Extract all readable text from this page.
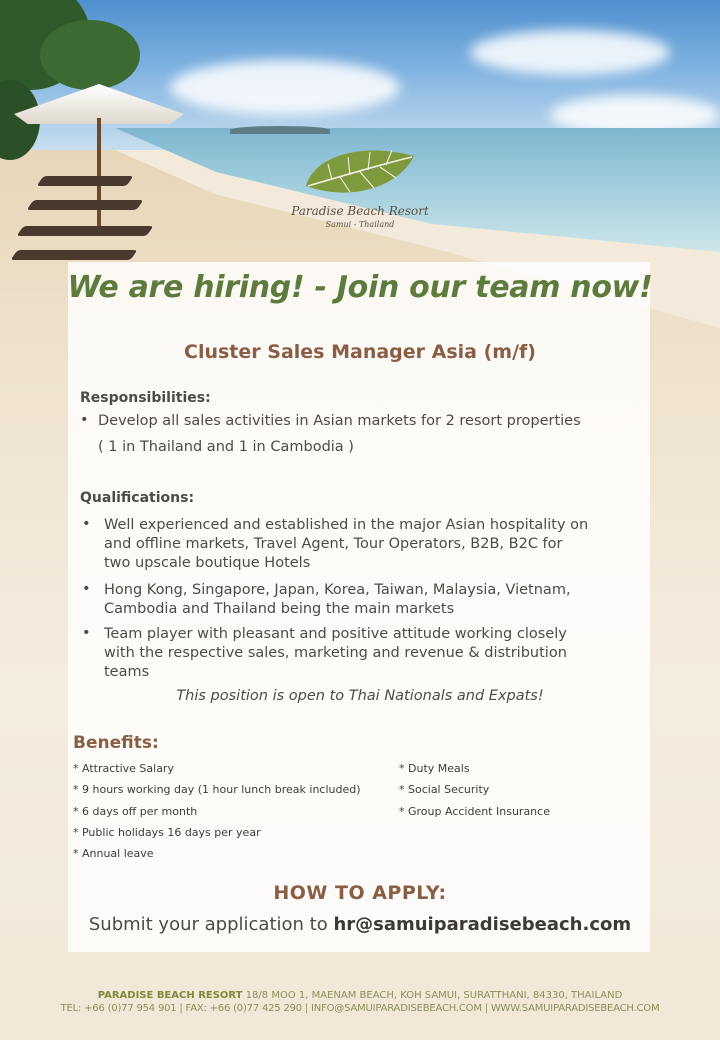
Paradise Beach Resort
Samui - Thailand
We are hiring! - Join our team now!
Cluster Sales Manager Asia (m/f)
Responsibilities:
• Develop all sales activities in Asian markets for 2 resort properties
( 1 in Thailand and 1 in Cambodia )
Qualifications:
• Well experienced and established in the major Asian hospitality on
and offline markets, Travel Agent, Tour Operators, B2B, B2C for
two upscale boutique Hotels
• Hong Kong, Singapore, Japan, Korea, Taiwan, Malaysia, Vietnam,
Cambodia and Thailand being the main markets
• Team player with pleasant and positive attitude working closely
with the respective sales, marketing and revenue & distribution
teams
This position is open to Thai Nationals and Expats!
Benefits:
* Attractive Salary
* 9 hours working day (1 hour lunch break included)
* 6 days off per month
* Public holidays 16 days per year
* Annual leave
* Duty Meals
* Social Security
* Group Accident Insurance
HOW TO APPLY:
Submit your application to hr@samuiparadisebeach.com
PARADISE BEACH RESORT 18/8 MOO 1, MAENAM BEACH, KOH SAMUI, SURATTHANI, 84330, THAILAND
TEL: +66 (0)77 954 901 | FAX: +66 (0)77 425 290 | INFO@SAMUIPARADISEBEACH.COM | WWW.SAMUIPARADISEBEACH.COM
